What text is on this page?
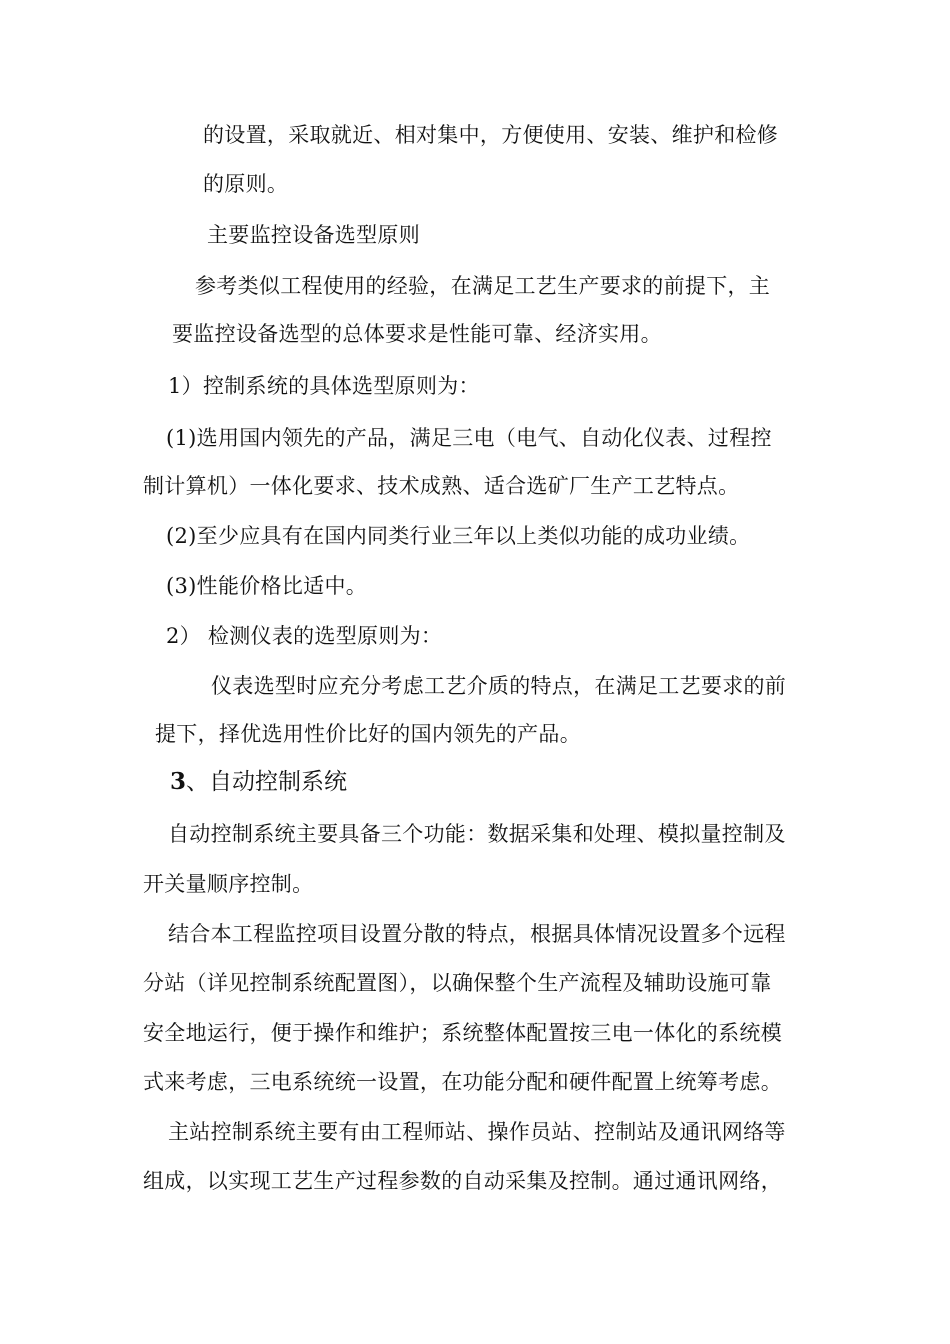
的设置，采取就近、相对集中，方便使用、安装、维护和检修
的原则。
主要监控设备选型原则
参考类似工程使用的经验，在满足工艺生产要求的前提下，主
要监控设备选型的总体要求是性能可靠、经济实用。
1）控制系统的具体选型原则为：
(1)选用国内领先的产品，满足三电（电气、自动化仪表、过程控
制计算机）一体化要求、技术成熟、适合选矿厂生产工艺特点。
(2)至少应具有在国内同类行业三年以上类似功能的成功业绩。
(3)性能价格比适中。
2） 检测仪表的选型原则为：
仪表选型时应充分考虑工艺介质的特点，在满足工艺要求的前
提下，择优选用性价比好的国内领先的产品。
3、自动控制系统
自动控制系统主要具备三个功能：数据采集和处理、模拟量控制及
开关量顺序控制。
结合本工程监控项目设置分散的特点，根据具体情况设置多个远程
分站（详见控制系统配置图），以确保整个生产流程及辅助设施可靠
安全地运行，便于操作和维护；系统整体配置按三电一体化的系统模
式来考虑，三电系统统一设置，在功能分配和硬件配置上统筹考虑。
主站控制系统主要有由工程师站、操作员站、控制站及通讯网络等
组成，以实现工艺生产过程参数的自动采集及控制。通过通讯网络，
